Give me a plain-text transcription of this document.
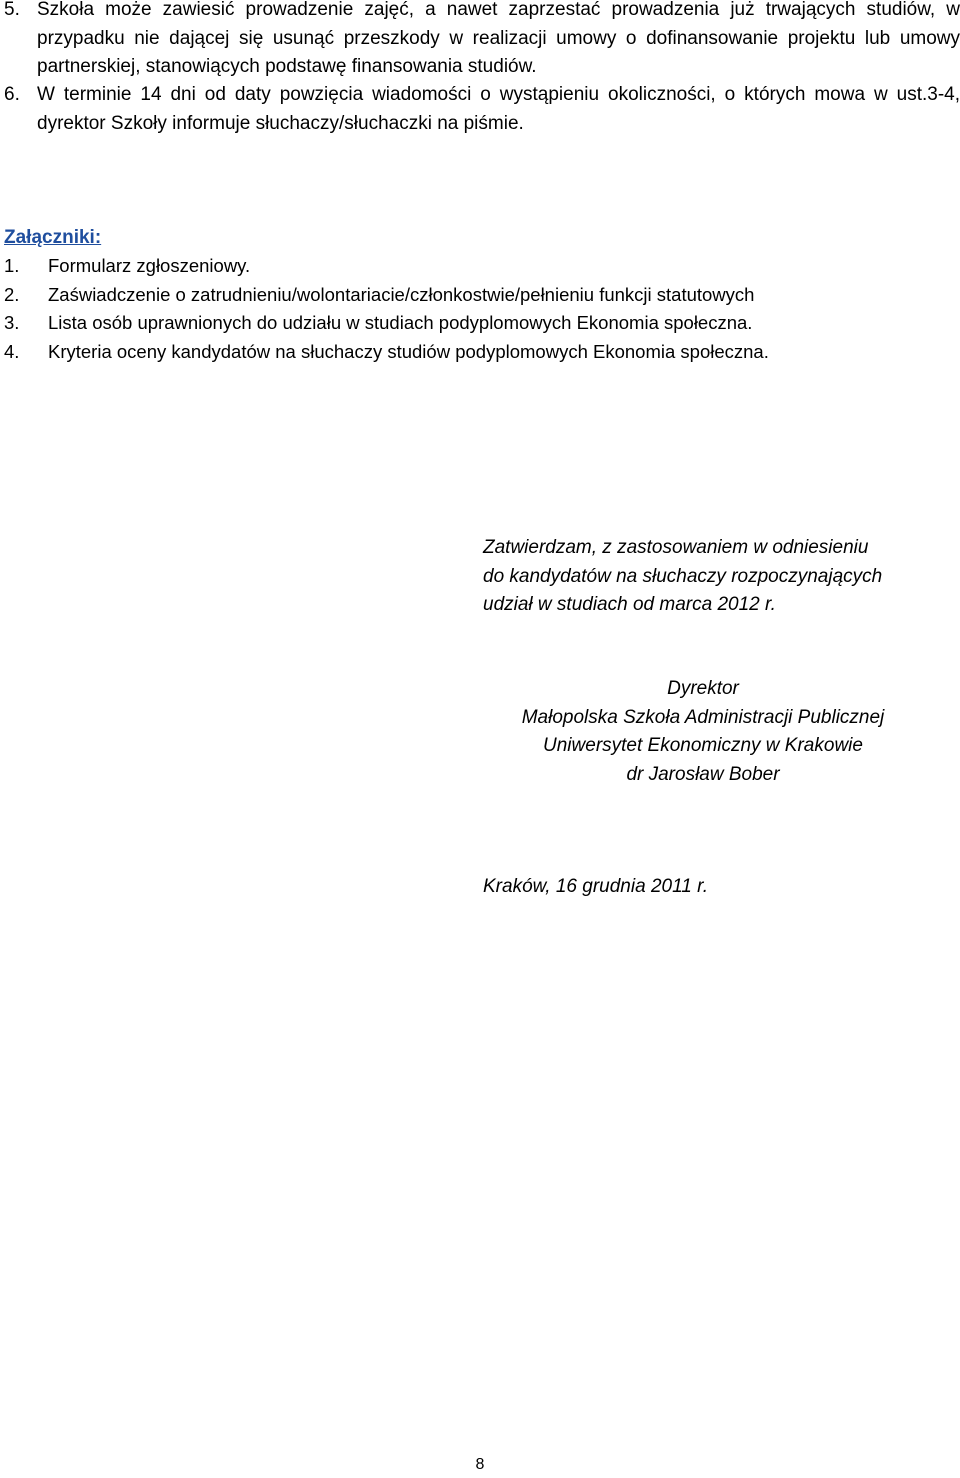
5. Szkoła może zawiesić prowadzenie zajęć, a nawet zaprzestać prowadzenia już trwających studiów, w przypadku nie dającej się usunąć przeszkody w realizacji umowy o dofinansowanie projektu lub umowy partnerskiej, stanowiących podstawę finansowania studiów.
6. W terminie 14 dni od daty powzięcia wiadomości o wystąpieniu okoliczności, o których mowa w ust.3-4, dyrektor Szkoły informuje słuchaczy/słuchaczki na piśmie.
Załączniki:
1. Formularz zgłoszeniowy.
2. Zaświadczenie o zatrudnieniu/wolontariacie/członkostwie/pełnieniu funkcji statutowych
3. Lista osób uprawnionych do udziału w studiach podyplomowych Ekonomia społeczna.
4. Kryteria oceny kandydatów na słuchaczy studiów podyplomowych Ekonomia społeczna.
Zatwierdzam, z zastosowaniem w odniesieniu
do kandydatów na słuchaczy rozpoczynających
udział w studiach od marca 2012 r.
Dyrektor
Małopolska Szkoła Administracji Publicznej
Uniwersytet Ekonomiczny w Krakowie
dr Jarosław Bober
Kraków, 16 grudnia 2011 r.
8
